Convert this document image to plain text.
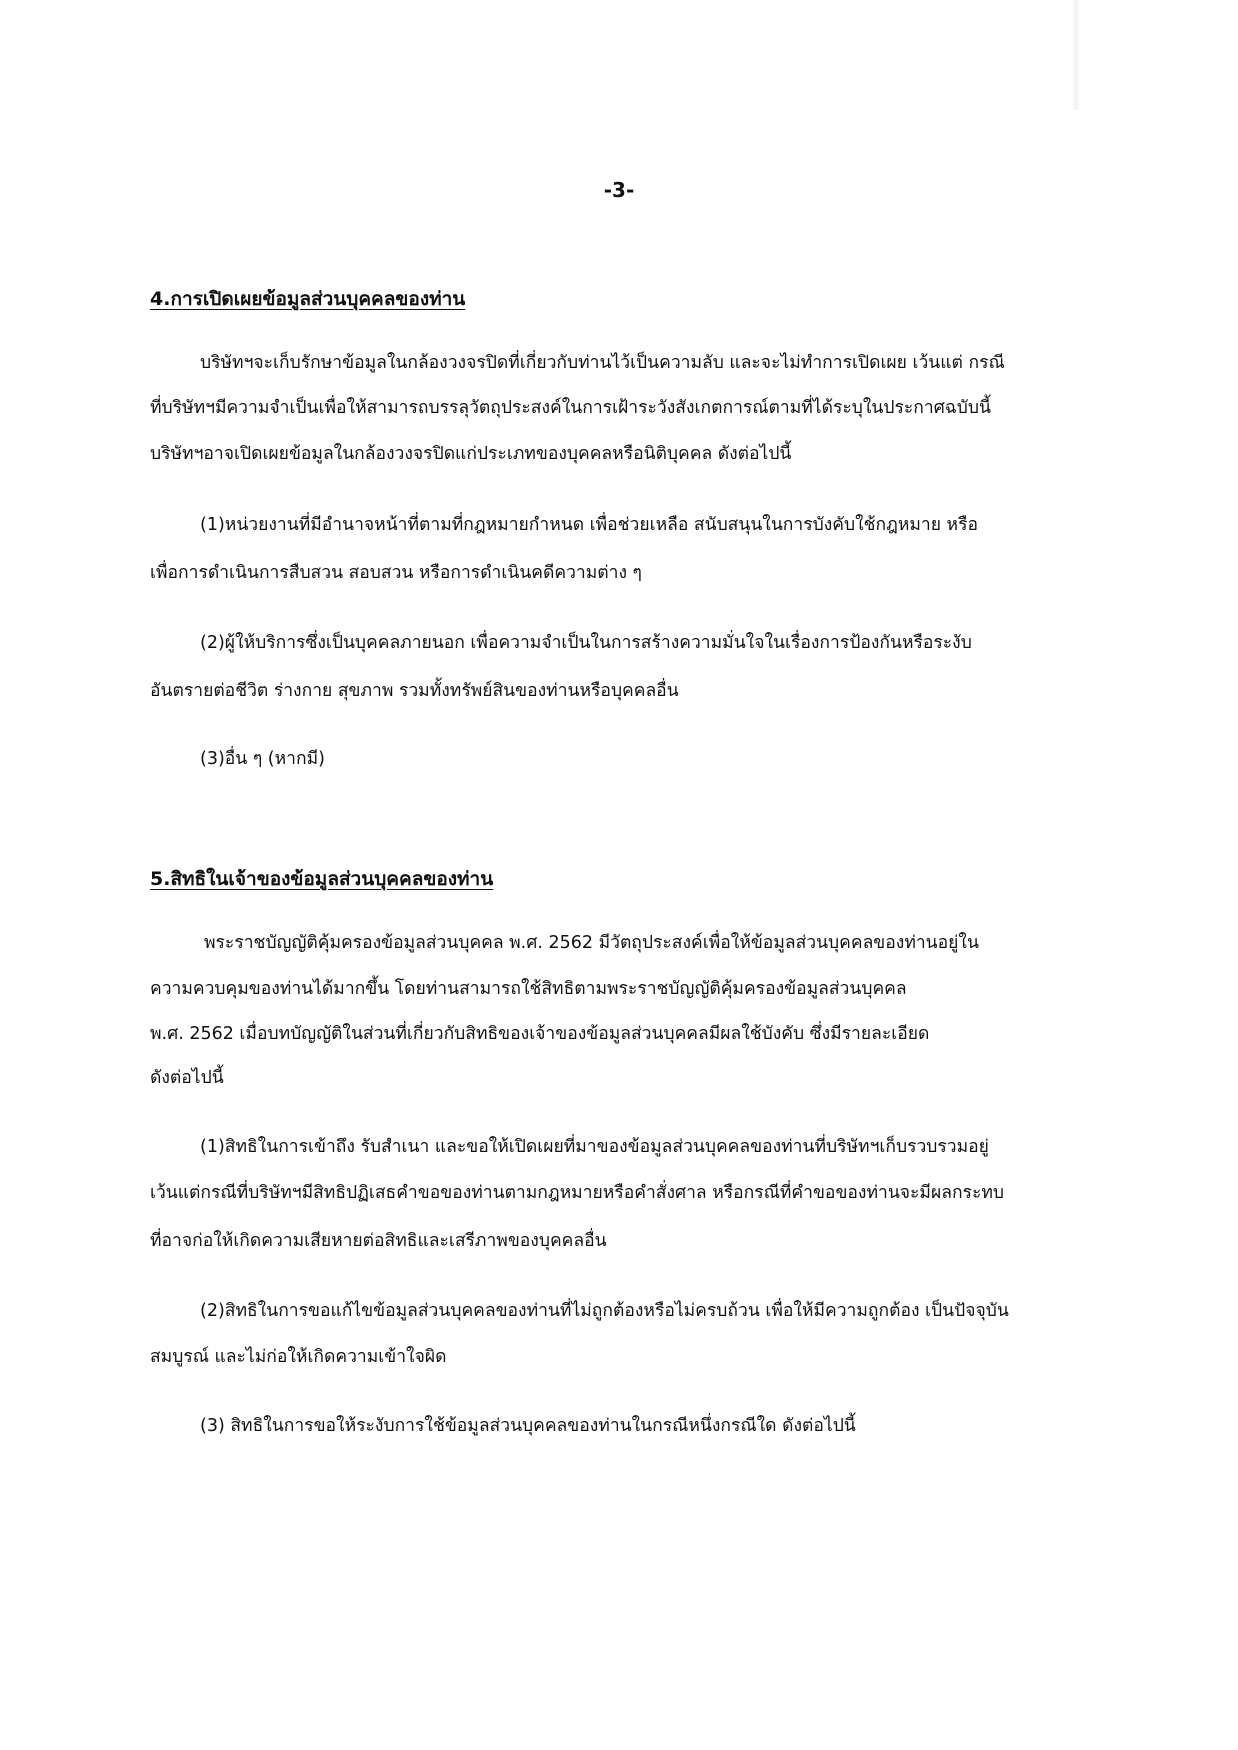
-3-
4.การเปิดเผยข้อมูลส่วนบุคคลของท่าน
บริษัทฯจะเก็บรักษาข้อมูลในกล้องวงจรปิดที่เกี่ยวกับท่านไว้เป็นความลับ และจะไม่ทำการเปิดเผย เว้นแต่ กรณี
ที่บริษัทฯมีความจำเป็นเพื่อให้สามารถบรรลุวัตถุประสงค์ในการเฝ้าระวังสังเกตการณ์ตามที่ได้ระบุในประกาศฉบับนี้
บริษัทฯอาจเปิดเผยข้อมูลในกล้องวงจรปิดแก่ประเภทของบุคคลหรือนิติบุคคล ดังต่อไปนี้
(1)หน่วยงานที่มีอำนาจหน้าที่ตามที่กฎหมายกำหนด เพื่อช่วยเหลือ สนับสนุนในการบังคับใช้กฎหมาย หรือ
เพื่อการดำเนินการสืบสวน สอบสวน หรือการดำเนินคดีความต่าง ๆ
(2)ผู้ให้บริการซึ่งเป็นบุคคลภายนอก เพื่อความจำเป็นในการสร้างความมั่นใจในเรื่องการป้องกันหรือระงับ
อันตรายต่อชีวิต ร่างกาย สุขภาพ รวมทั้งทรัพย์สินของท่านหรือบุคคลอื่น
(3)อื่น ๆ (หากมี)
5.สิทธิในเจ้าของข้อมูลส่วนบุคคลของท่าน
พระราชบัญญัติคุ้มครองข้อมูลส่วนบุคคล พ.ศ. 2562 มีวัตถุประสงค์เพื่อให้ข้อมูลส่วนบุคคลของท่านอยู่ใน
ความควบคุมของท่านได้มากขึ้น โดยท่านสามารถใช้สิทธิตามพระราชบัญญัติคุ้มครองข้อมูลส่วนบุคคล
พ.ศ. 2562 เมื่อบทบัญญัติในส่วนที่เกี่ยวกับสิทธิของเจ้าของข้อมูลส่วนบุคคลมีผลใช้บังคับ ซึ่งมีรายละเอียด
ดังต่อไปนี้
(1)สิทธิในการเข้าถึง รับสำเนา และขอให้เปิดเผยที่มาของข้อมูลส่วนบุคคลของท่านที่บริษัทฯเก็บรวบรวมอยู่
เว้นแต่กรณีที่บริษัทฯมีสิทธิปฏิเสธคำขอของท่านตามกฎหมายหรือคำสั่งศาล หรือกรณีที่คำขอของท่านจะมีผลกระทบ
ที่อาจก่อให้เกิดความเสียหายต่อสิทธิและเสรีภาพของบุคคลอื่น
(2)สิทธิในการขอแก้ไขข้อมูลส่วนบุคคลของท่านที่ไม่ถูกต้องหรือไม่ครบถ้วน เพื่อให้มีความถูกต้อง เป็นปัจจุบัน
สมบูรณ์ และไม่ก่อให้เกิดความเข้าใจผิด
(3) สิทธิในการขอให้ระงับการใช้ข้อมูลส่วนบุคคลของท่านในกรณีหนึ่งกรณีใด ดังต่อไปนี้
